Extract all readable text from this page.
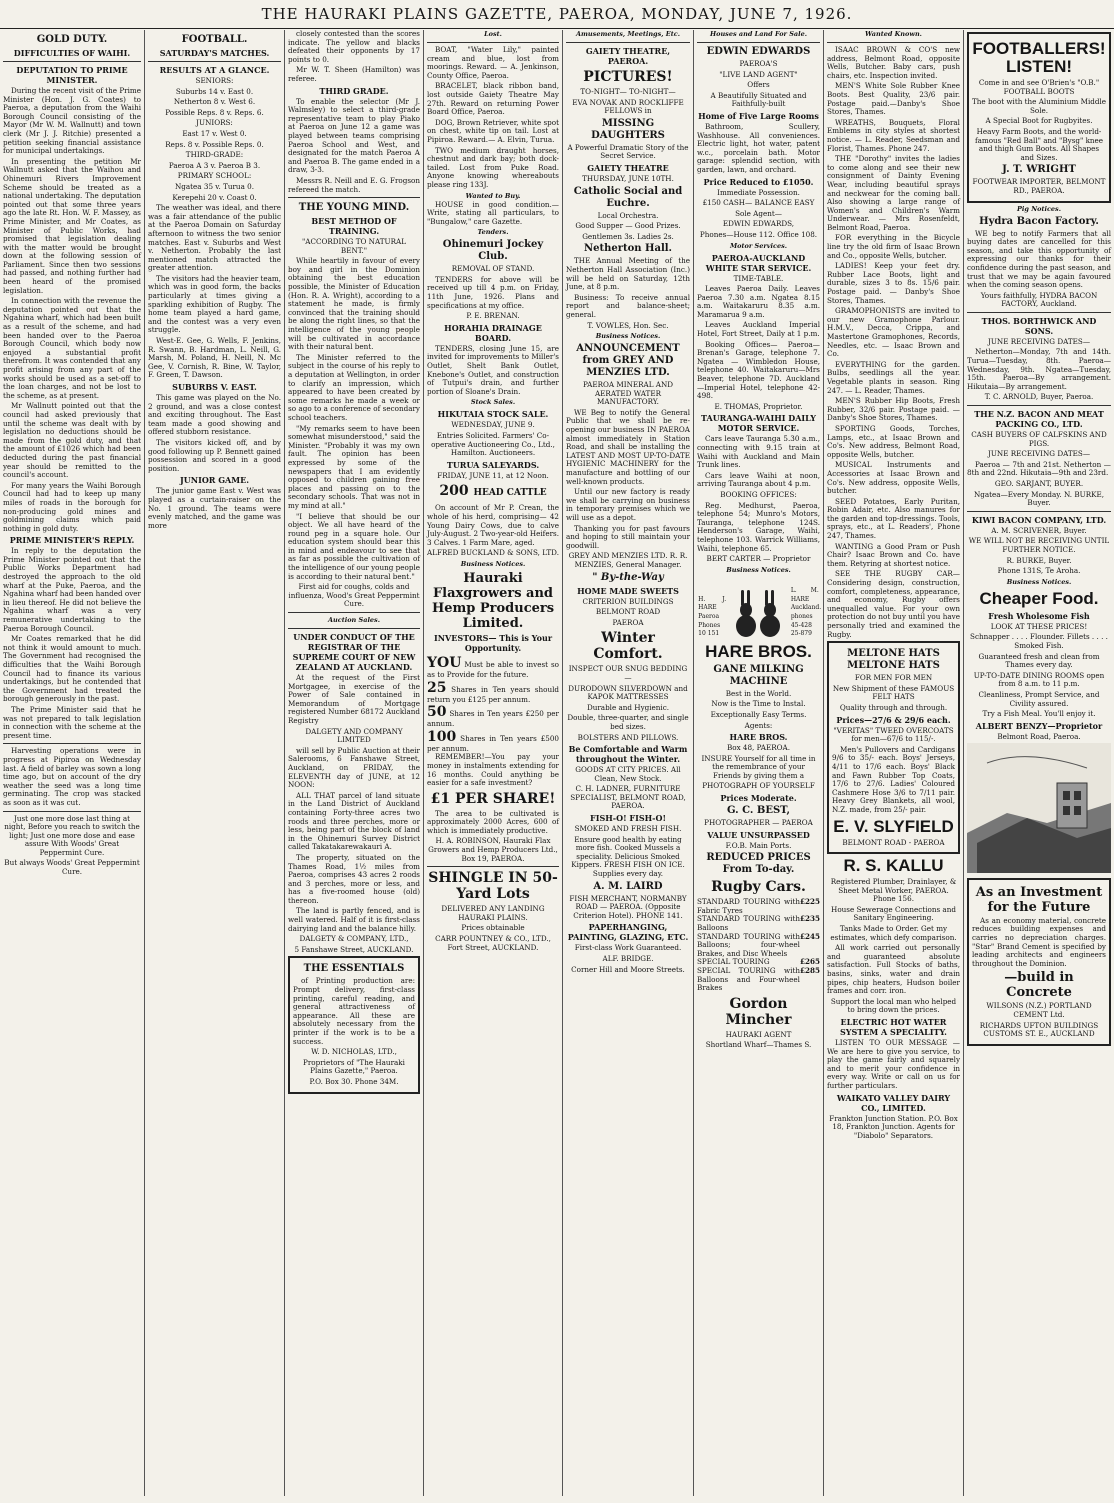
THE HAURAKI PLAINS GAZETTE, PAEROA, MONDAY, JUNE 7, 1926.
GOLD DUTY.
DIFFICULTIES OF WAIHI.
DEPUTATION TO PRIME MINISTER.

During the recent visit of the Prime Minister (Hon. J. G. Coates) to Paeroa, a deputation from the Waihi Borough Council consisting of the Mayor (Mr W. M. Wallnutt) and town clerk (Mr J. J. Ritchie) presented a petition seeking financial assistance for municipal undertakings.

In presenting the petition Mr Wallnutt asked that the Waihou and Ohinemuri Rivers Improvement Scheme should be treated as a national undertaking. The deputation pointed out that some three years ago the late Rt. Hon. W. F. Massey, as Prime Minister, and Mr Coates, as Minister of Public Works, had promised that legislation dealing with the matter would be brought down at the following session of Parliament. Since then two sessions had passed, and nothing further had been heard of the promised legislation.

In connection with the revenue the deputation pointed out that the Ngahina wharf, which had been built as a result of the scheme, and had been handed over to the Paeroa Borough Council, which body now enjoyed a substantial profit therefrom. It was contended that any profit arising from any part of the works should be used as a set-off to the loan charges, and not be lost to the scheme, as at present.

Mr Wallnutt pointed out that the council had asked previously that until the scheme was dealt with by legislation no deductions should be made from the gold duty, and that the amount of £1026 which had been deducted during the past financial year should be remitted to the council's account.

For many years the Waihi Borough Council had had to keep up many miles of roads in the borough for non-producing gold mines and goldmining claims which paid nothing in gold duty.

PRIME MINISTER'S REPLY.

In reply to the deputation the Prime Minister pointed out that the Public Works Department had destroyed the approach to the old wharf at the Puke, Paeroa, and the Ngahina wharf had been handed over in lieu thereof. He did not believe the Ngahina wharf was a very remunerative undertaking to the Paeroa Borough Council.

Mr Coates remarked that he did not think it would amount to much. The Government had recognised the difficulties that the Waihi Borough Council had to finance its various undertakings, but he contended that the Government had treated the borough generously in the past.

The Prime Minister said that he was not prepared to talk legislation in connection with the scheme at the present time.

Harvesting operations were in progress at Pipiroa on Wednesday last. A field of barley was sown a long time ago, but on account of the dry weather the seed was a long time germinating. The crop was stacked as soon as it was cut.

Just one more dose last thing at night, Before you reach to switch the light; Just one more dose and ease assure With Woods' Great Peppermint Cure.

But always Woods' Great Peppermint Cure.

FOOTBALL.
SATURDAY'S MATCHES.
RESULTS AT A GLANCE.

SENIORS:

Suburbs 14 v. East 0.

Netherton 8 v. West 6.

Possible Reps. 8 v. Reps. 6.

JUNIORS:

East 17 v. West 0.

Reps. 8 v. Possible Reps. 0.

THIRD-GRADE:

Paeroa A 3 v. Paeroa B 3.

PRIMARY SCHOOL:

Ngatea 35 v. Turua 0.

Kerepehi 20 v. Coast 0.

The weather was ideal, and there was a fair attendance of the public at the Paeroa Domain on Saturday afternoon to witness the two senior matches. East v. Suburbs and West v. Netherton. Probably the last mentioned match attracted the greater attention.

The visitors had the heavier team, which was in good form, the backs particularly at times giving a sparkling exhibition of Rugby. The home team played a hard game, and the contest was a very even struggle.

West-E. Gee, G. Wells, F. Jenkins, R. Swann, B. Hardman, L. Neill, G. Marsh, M. Poland, H. Neill, N. Mc Gee, V. Cornish, R. Bine, W. Taylor, F. Green, T. Dawson.

SUBURBS V. EAST.

This game was played on the No. 2 ground, and was a close contest and exciting throughout. The East team made a good showing and offered stubborn resistance.

The visitors kicked off, and by good following up P. Bennett gained possession and scored in a good position.

JUNIOR GAME.

The junior game East v. West was played as a curtain-raiser on the No. 1 ground. The teams were evenly matched, and the game was more

closely contested than the scores indicate. The yellow and blacks defeated their opponents by 17 points to 0.

Mr W. T. Sheen (Hamilton) was referee.

THIRD GRADE.

To enable the selector (Mr J. Walmsley) to select a third-grade representative team to play Piako at Paeroa on June 12 a game was played between teams comprising Paeroa School and West, and designated for the match Paeroa A and Paeroa B. The game ended in a draw, 3-3.

Messrs R. Neill and E. G. Frogson refereed the match.

THE YOUNG MIND.
BEST METHOD OF TRAINING.

"ACCORDING TO NATURAL BENT."

While heartily in favour of every boy and girl in the Dominion obtaining the best education possible, the Minister of Education (Hon. R. A. Wright), according to a statement he made, is firmly convinced that the training should be along the right lines, so that the intelligence of the young people will be cultivated in accordance with their natural bent.

The Minister referred to the subject in the course of his reply to a deputation at Wellington, in order to clarify an impression, which appeared to have been created by some remarks he made a week or so ago to a conference of secondary school teachers.

"My remarks seem to have been somewhat misunderstood," said the Minister. "Probably it was my own fault. The opinion has been expressed by some of the newspapers that I am evidently opposed to children gaining free places and passing on to the secondary schools. That was not in my mind at all."

"I believe that should be our object. We all have heard of the round peg in a square hole. Our education system should bear this in mind and endeavour to see that as far as possible the cultivation of the intelligence of our young people is according to their natural bent."

First aid for coughs, colds and influenza, Wood's Great Peppermint Cure.

Auction Sales.
UNDER CONDUCT OF THE REGISTRAR OF THE SUPREME COURT OF NEW ZEALAND AT AUCKLAND.

At the request of the First Mortgagee, in exercise of the Power of Sale contained in Memorandum of Mortgage registered Number 68172 Auckland Registry

DALGETY AND COMPANY LIMITED

will sell by Public Auction at their Salerooms, 6 Fanshawe Street, Auckland, on FRIDAY, the ELEVENTH day of JUNE, at 12 NOON:

ALL THAT parcel of land situate in the Land District of Auckland containing Forty-three acres two roods and three perches, more or less, being part of the block of land in the Ohinemuri Survey District called Takatakarewakauri A.

The property, situated on the Thames Road, 1½ miles from Paeroa, comprises 43 acres 2 roods and 3 perches, more or less, and has a five-roomed house (old) thereon.

The land is partly fenced, and is well watered. Half of it is first-class dairying land and the balance hilly.

DALGETY & COMPANY, LTD.,

5 Fanshawe Street, AUCKLAND.

THE ESSENTIALS

of Printing production are: Prompt delivery, first-class printing, careful reading, and general attractiveness of appearance. All these are absolutely necessary from the printer if the work is to be a success.

W. D. NICHOLAS, LTD.,

Proprietors of "The Hauraki Plains Gazette," Paeroa.

P.O. Box 30. Phone 34M.

Lost.

BOAT, "Water Lily," painted cream and blue, lost from moorings. Reward. — A. Jenkinson, County Office, Paeroa.

BRACELET, black ribbon band, lost outside Gaiety Theatre May 27th. Reward on returning Power Board Office, Paeroa.

DOG, Brown Retriever, white spot on chest, white tip on tail. Lost at Pipiroa. Reward.— A. Elvin, Turua.

TWO medium draught horses, chestnut and dark bay; both dock-tailed. Lost from Puke Road. Anyone knowing whereabouts please ring 133J.

Wanted to Buy.

HOUSE in good condition.— Write, stating all particulars, to "Bungalow," care Gazette.

Tenders.
Ohinemuri Jockey Club.

REMOVAL OF STAND.

TENDERS for above will be received up till 4 p.m. on Friday, 11th June, 1926. Plans and specifications at my office.

P. E. BRENAN.

HORAHIA DRAINAGE BOARD.

TENDERS, closing June 15, are invited for improvements to Miller's Outlet, Shelt Bank Outlet, Knebone's Outlet, and construction of Tutpui's drain, and further portion of Sloane's Drain.

Stock Sales.
HIKUTAIA STOCK SALE.

WEDNESDAY, JUNE 9.

Entries Solicited. Farmers' Co-operative Auctioneering Co., Ltd., Hamilton. Auctioneers.

TURUA SALEYARDS.

FRIDAY, JUNE 11, at 12 Noon.

200 HEAD CATTLE

On account of Mr P. Crean, the whole of his herd, comprising— 42 Young Dairy Cows, due to calve July-August. 2 Two-year-old Heifers. 3 Calves. 1 Farm Mare, aged.

ALFRED BUCKLAND & SONS, LTD.

Business Notices.
Hauraki Flaxgrowers and Hemp Producers Limited.
INVESTORS— This is Your Opportunity.
YOU Must be able to invest so as to Provide for the future.
25 Shares in Ten years should return you £125 per annum.
50 Shares in Ten years £250 per annum.
100 Shares in Ten years £500 per annum.

REMEMBER!—You pay your money in instalments extending for 16 months. Could anything be easier for a safe investment?

£1 PER SHARE!

The area to be cultivated is approximately 2000 Acres, 600 of which is immediately productive.

H. A. ROBINSON, Hauraki Flax Growers and Hemp Producers Ltd., Box 19, PAEROA.

SHINGLE IN 50-Yard Lots

DELIVERED ANY LANDING HAURAKI PLAINS.

Prices obtainable

CARR POUNTNEY & CO., LTD., Fort Street, AUCKLAND.

Amusements, Meetings, Etc.
GAIETY THEATRE, PAEROA.
PICTURES!

TO-NIGHT— TO-NIGHT—

EVA NOVAK AND ROCKLIFFE FELLOWS in

MISSING DAUGHTERS

A Powerful Dramatic Story of the Secret Service.

GAIETY THEATRE

THURSDAY, JUNE 10TH.

Catholic Social and Euchre.

Local Orchestra.

Good Supper — Good Prizes.

Gentlemen 3s. Ladies 2s.

Netherton Hall.

THE Annual Meeting of the Netherton Hall Association (Inc.) will be held on Saturday, 12th June, at 8 p.m.

Business: To receive annual report and balance-sheet; general.

T. VOWLES, Hon. Sec.

Business Notices.
ANNOUNCEMENT from GREY AND MENZIES LTD.

PAEROA MINERAL AND AERATED WATER MANUFACTORY.

WE Beg to notify the General Public that we shall be re-opening our business IN PAEROA almost immediately in Station Road, and shall be installing the LATEST AND MOST UP-TO-DATE HYGIENIC MACHINERY for the manufacture and bottling of our well-known products.

Until our new factory is ready we shall be carrying on business in temporary premises which we will use as a depot.

Thanking you for past favours and hoping to still maintain your goodwill.

GREY AND MENZIES LTD. R. R. MENZIES, General Manager.

" By-the-Way
HOME MADE SWEETS

CRITERION BUILDINGS

BELMONT ROAD

PAEROA

Winter Comfort.

INSPECT OUR SNUG BEDDING—

DURODOWN SILVERDOWN and KAPOK MATTRESSES

Durable and Hygienic.

Double, three-quarter, and single bed sizes.

BOLSTERS AND PILLOWS.

Be Comfortable and Warm throughout the Winter.

GOODS AT CITY PRICES. All Clean, New Stock.

C. H. LADNER, FURNITURE SPECIALIST, BELMONT ROAD, PAEROA.

FISH-O! FISH-O!

SMOKED AND FRESH FISH.

Ensure good health by eating more fish. Cooked Mussels a speciality. Delicious Smoked Kippers. FRESH FISH ON ICE. Supplies every day.

A. M. LAIRD

FISH MERCHANT, NORMANBY ROAD — PAEROA. (Opposite Criterion Hotel). PHONE 141.

PAPERHANGING, PAINTING, GLAZING, ETC.

First-class Work Guaranteed.

ALF. BRIDGE.

Corner Hill and Moore Streets.

Houses and Land For Sale.
EDWIN EDWARDS

PAEROA'S

"LIVE LAND AGENT"

Offers

A Beautifully Situated and Faithfully-built

Home of Five Large Rooms

Bathroom, Scullery, Washhouse. All conveniences. Electric light, hot water, patent w.c., porcelain bath. Motor garage: splendid section, with garden, lawn, and orchard.

Price Reduced to £1050.

Immediate Possession.

£150 CASH— BALANCE EASY

Sole Agent—

EDWIN EDWARDS,

Phones—House 112. Office 108.

Motor Services.
PAEROA-AUCKLAND WHITE STAR SERVICE.

TIME-TABLE.

Leaves Paeroa Daily. Leaves Paeroa 7.30 a.m. Ngatea 8.15 a.m. Waitakaruru 8.35 a.m. Maramarua 9 a.m.

Leaves Auckland Imperial Hotel, Fort Street, Daily at 1 p.m.

Booking Offices— Paeroa—Brenan's Garage, telephone 7. Ngatea — Wimbledon House, telephone 40. Waitakaruru—Mrs Beaver, telephone 7D. Auckland—Imperial Hotel, telephone 42-498.

E. THOMAS, Proprietor.

TAURANGA-WAIHI DAILY MOTOR SERVICE.

Cars leave Tauranga 5.30 a.m., connecting with 9.15 train at Waihi with Auckland and Main Trunk lines.

Cars leave Waihi at noon, arriving Tauranga about 4 p.m.

BOOKING OFFICES:

Reg. Medhurst, Paeroa, telephone 54; Munro's Motors, Tauranga, telephone 124S. Henderson's Garage, Waihi, telephone 103. Warrick Williams, Waihi, telephone 65.

BERT CARTER — Proprietor

Business Notices.
H. J. HARE Paeroa Phones 10 151
L. M. HARE Auckland. phones 45-428 25-879
HARE BROS.
GANE MILKING MACHINE

Best in the World.

Now is the Time to Instal.

Exceptionally Easy Terms.

Agents:

HARE BROS.

Box 48, PAEROA.

INSURE Yourself for all time in the remembrance of your Friends by giving them a

PHOTOGRAPH OF YOURSELF

Prices Moderate.
G. C. BEST,

PHOTOGRAPHER — PAEROA

VALUE UNSURPASSED

F.O.B. Main Ports.

REDUCED PRICES From To-day.
Rugby Cars.
STANDARD TOURING with Fabric Tyres
£225
STANDARD TOURING with Balloons
£235
STANDARD TOURING with Balloons; four-wheel Brakes, and Disc Wheels
£245
SPECIAL TOURING	£265
SPECIAL TOURING with Balloons and Four-wheel Brakes
£285
Gordon Mincher

HAURAKI AGENT

Shortland Wharf—Thames S.

Wanted Known.

ISAAC BROWN & CO'S new address, Belmont Road, opposite Wells, Butcher. Baby cars, push chairs, etc. Inspection invited.

MEN'S White Sole Rubber Knee Boots. Best Quality, 23/6 pair. Postage paid.—Danby's Shoe Stores, Thames.

WREATHS, Bouquets, Floral Emblems in city styles at shortest notice. — L. Reader, Seedsman and Florist, Thames. Phone 247.

THE "Dorothy" invites the ladies to come along and see their new consignment of Dainty Evening Wear, including beautiful sprays and neckwear for the coming ball. Also showing a large range of Women's and Children's Warm Underwear. — Mrs Rosenfeldt, Belmont Road, Paeroa.

FOR everything in the Bicycle line try the old firm of Isaac Brown and Co., opposite Wells, butcher.

LADIES! Keep your feet dry. Rubber Lace Boots, light and durable, sizes 3 to 8s. 15/6 pair. Postage paid. — Danby's Shoe Stores, Thames.

GRAMOPHONISTS are invited to our new Gramophone Parlour. H.M.V., Decca, Crippa, and Mastertone Gramophones, Records, Needles, etc. — Isaac Brown and Co.

EVERYTHING for the garden. Bulbs, seedlings all the year. Vegetable plants in season. Ring 247. — L. Reader, Thames.

MEN'S Rubber Hip Boots, Fresh Rubber, 32/6 pair. Postage paid. — Danby's Shoe Stores, Thames.

SPORTING Goods, Torches, Lamps, etc., at Isaac Brown and Co's. New address, Belmont Road, opposite Wells, butcher.

MUSICAL Instruments and Accessories at Isaac Brown and Co's. New address, opposite Wells, butcher.

SEED Potatoes, Early Puritan, Robin Adair, etc. Also manures for the garden and top-dressings. Tools, sprays, etc., at L. Readers', Phone 247, Thames.

WANTING a Good Pram or Push Chair? Isaac Brown and Co. have them. Retyring at shortest notice.

SEE THE RUGBY CAR—Considering design, construction, comfort, completeness, appearance, and economy, Rugby offers unequalled value. For your own protection do not buy until you have personally tried and examined the Rugby.

MELTONE HATS MELTONE HATS

FOR MEN FOR MEN

New Shipment of these FAMOUS FELT HATS

Quality through and through.

Prices—27/6 & 29/6 each.

"VERITAS" TWEED OVERCOATS for men—67/6 to 115/-.

Men's Pullovers and Cardigans 9/6 to 35/- each. Boys' Jerseys, 4/11 to 17/6 each. Boys' Black and Fawn Rubber Top Coats, 17/6 to 27/6. Ladies' Coloured Cashmere Hose 3/6 to 7/11 pair. Heavy Grey Blankets, all wool, N.Z. made, from 25/- pair.

E. V. SLYFIELD

BELMONT ROAD - PAEROA

R. S. KALLU

Registered Plumber, Drainlayer, & Sheet Metal Worker, PAEROA. Phone 156.

House Sewerage Connections and Sanitary Engineering.

Tanks Made to Order. Get my estimates, which defy comparison.

All work carried out personally and guaranteed absolute satisfaction. Full Stocks of baths, basins, sinks, water and drain pipes, chip heaters, Hudson boiler frames and corr. iron.

Support the local man who helped to bring down the prices.

ELECTRIC HOT WATER SYSTEM A SPECIALITY.

LISTEN TO OUR MESSAGE — We are here to give you service, to play the game fairly and squarely and to merit your confidence in every way. Write or call on us for further particulars.

WAIKATO VALLEY DAIRY CO., LIMITED.

Frankton Junction Station. P.O. Box 18, Frankton Junction. Agents for "Diabolo" Separators.

FOOTBALLERS! LISTEN!

Come in and see O'Brien's "O.B." FOOTBALL BOOTS

The boot with the Aluminium Middle Sole.

A Special Boot for Rugbyites.

Heavy Farm Boots, and the world-famous "Red Ball" and "Bysg" knee and thigh Gum Boots. All Shapes and Sizes.

J. T. WRIGHT

FOOTWEAR IMPORTER, BELMONT RD., PAEROA.

Pig Notices.
Hydra Bacon Factory.

WE beg to notify Farmers that all buying dates are cancelled for this season, and take this opportunity of expressing our thanks for their confidence during the past season, and trust that we may be again favoured when the coming season opens.

Yours faithfully, HYDRA BACON FACTORY, Auckland.

THOS. BORTHWICK AND SONS.

JUNE RECEIVING DATES—

Netherton—Monday, 7th and 14th. Turua—Tuesday, 8th. Paeroa—Wednesday, 9th. Ngatea—Tuesday, 15th. Paeroa—By arrangement. Hikutaia—By arrangement.

T. C. ARNOLD, Buyer, Paeroa.

THE N.Z. BACON AND MEAT PACKING CO., LTD.

CASH BUYERS OF CALFSKINS AND PIGS.

JUNE RECEIVING DATES—

Paeroa — 7th and 21st. Netherton — 8th and 22nd. Hikutaia—9th and 23rd.

GEO. SARJANT, BUYER.

Ngatea—Every Monday. N. BURKE, Buyer.

KIWI BACON COMPANY, LTD.

A. M. SCRIVENER, Buyer.

WE WILL NOT BE RECEIVING UNTIL FURTHER NOTICE.

R. BURKE, Buyer.

Phone 131S, Te Aroha.

Business Notices.
Cheaper Food.
Fresh Wholesome Fish

LOOK AT THESE PRICES!

Schnapper . . . . Flounder. Fillets . . . . Smoked Fish.

Guaranteed fresh and clean from Thames every day.

UP-TO-DATE DINING ROOMS open from 8 a.m. to 11 p.m.

Cleanliness, Prompt Service, and Civility assured.

Try a Fish Meal. You'll enjoy it.

ALBERT BENZY—Proprietor

Belmont Road, Paeroa.

As an Investment for the Future

As an economy material, concrete reduces building expenses and carries no depreciation charges. "Star" Brand Cement is specified by leading architects and engineers throughout the Dominion.

—build in Concrete

WILSONS (N.Z.) PORTLAND CEMENT Ltd.

RICHARDS UFTON BUILDINGS CUSTOMS ST. E., AUCKLAND
